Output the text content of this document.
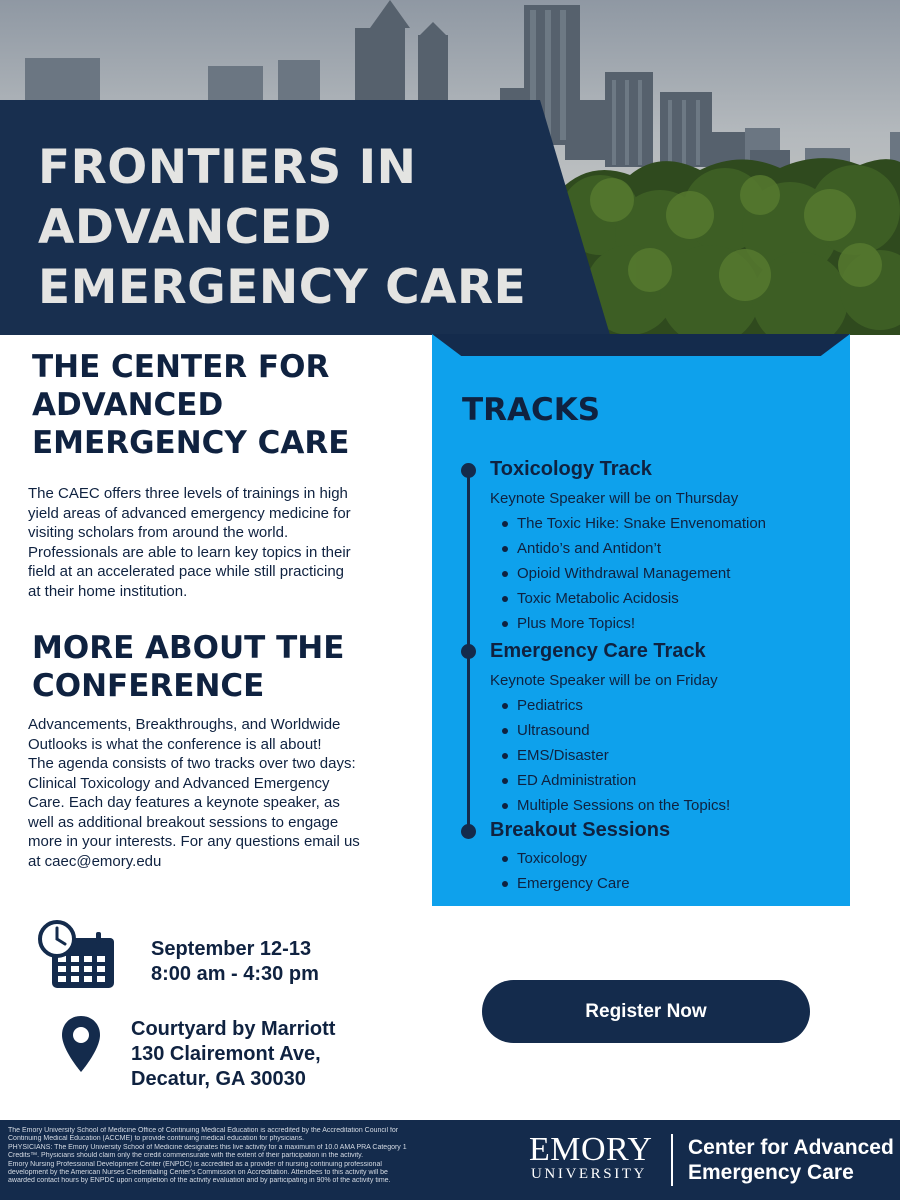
FRONTIERS IN
ADVANCED
EMERGENCY CARE
THE CENTER FOR
ADVANCED
EMERGENCY CARE
The CAEC offers three levels of trainings in high
yield areas of advanced emergency medicine for
visiting scholars from around the world.
Professionals are able to learn key topics in their
field at an accelerated pace while still practicing
at their home institution.
MORE ABOUT THE
CONFERENCE
Advancements, Breakthroughs, and Worldwide
Outlooks is what the conference is all about!
The agenda consists of two tracks over two days:
Clinical Toxicology and Advanced Emergency
Care. Each day features a keynote speaker, as
well as additional breakout sessions to engage
more in your interests. For any questions email us
at caec@emory.edu
TRACKS
Toxicology Track
Keynote Speaker will be on Thursday
The Toxic Hike: Snake Envenomation
Antido’s and Antidon’t
Opioid Withdrawal Management
Toxic Metabolic Acidosis
Plus More Topics!
Emergency Care Track
Keynote Speaker will be on Friday
Pediatrics
Ultrasound
EMS/Disaster
ED Administration
Multiple Sessions on the Topics!
Breakout Sessions
Toxicology
Emergency Care
September 12-13
8:00 am - 4:30 pm
Courtyard by Marriott
130 Clairemont Ave,
Decatur, GA 30030
Register Now
The Emory University School of Medicine Office of Continuing Medical Education is accredited by the Accreditation Council for
Continuing Medical Education (ACCME) to provide continuing medical education for physicians.
PHYSICIANS: The Emory University School of Medicine designates this live activity for a maximum of 10.0 AMA PRA Category 1
Credits™. Physicians should claim only the credit commensurate with the extent of their participation in the activity.
Emory Nursing Professional Development Center (ENPDC) is accredited as a provider of nursing continuing professional
development by the American Nurses Credentialing Center's Commission on Accreditation. Attendees to this activity will be
awarded contact hours by ENPDC upon completion of the activity evaluation and by participating in 90% of the activity time.
EMORY
UNIVERSITY
Center for Advanced
Emergency Care
